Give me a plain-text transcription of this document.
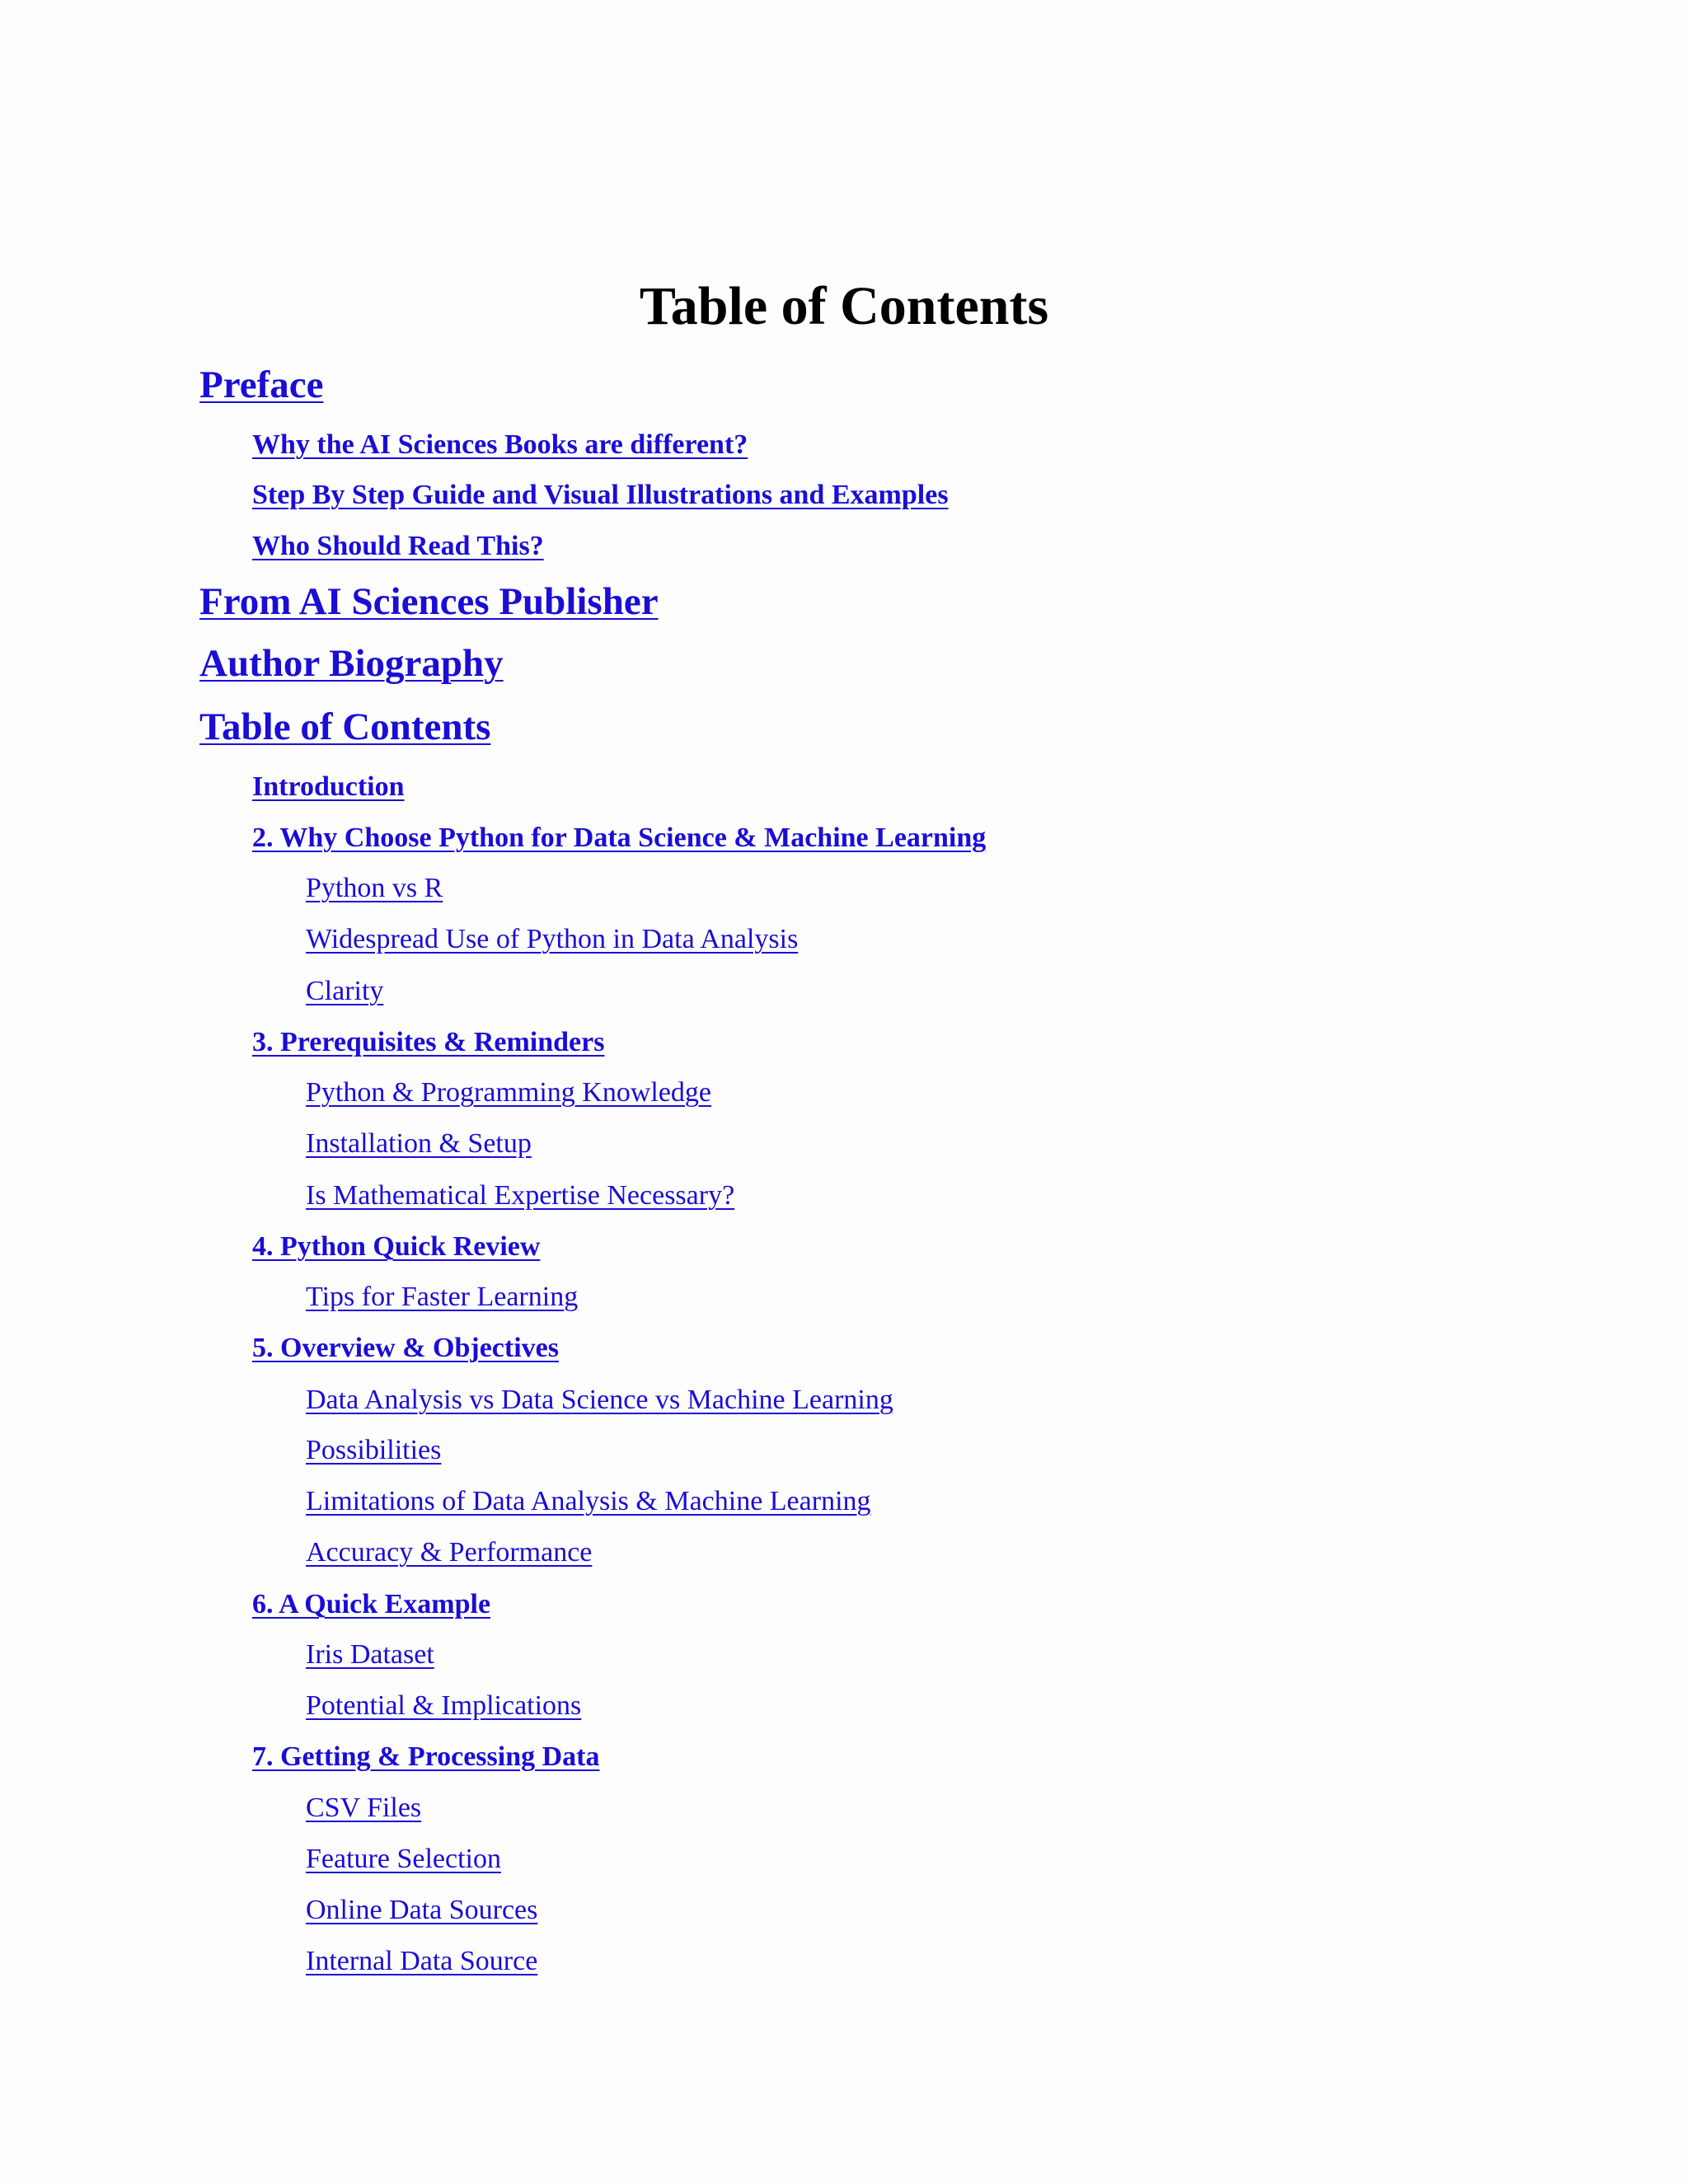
Table of Contents
Preface
Why the AI Sciences Books are different?
Step By Step Guide and Visual Illustrations and Examples
Who Should Read This?
From AI Sciences Publisher
Author Biography
Table of Contents
Introduction
2. Why Choose Python for Data Science & Machine Learning
Python vs R
Widespread Use of Python in Data Analysis
Clarity
3. Prerequisites & Reminders
Python & Programming Knowledge
Installation & Setup
Is Mathematical Expertise Necessary?
4. Python Quick Review
Tips for Faster Learning
5. Overview & Objectives
Data Analysis vs Data Science vs Machine Learning
Possibilities
Limitations of Data Analysis & Machine Learning
Accuracy & Performance
6. A Quick Example
Iris Dataset
Potential & Implications
7. Getting & Processing Data
CSV Files
Feature Selection
Online Data Sources
Internal Data Source
